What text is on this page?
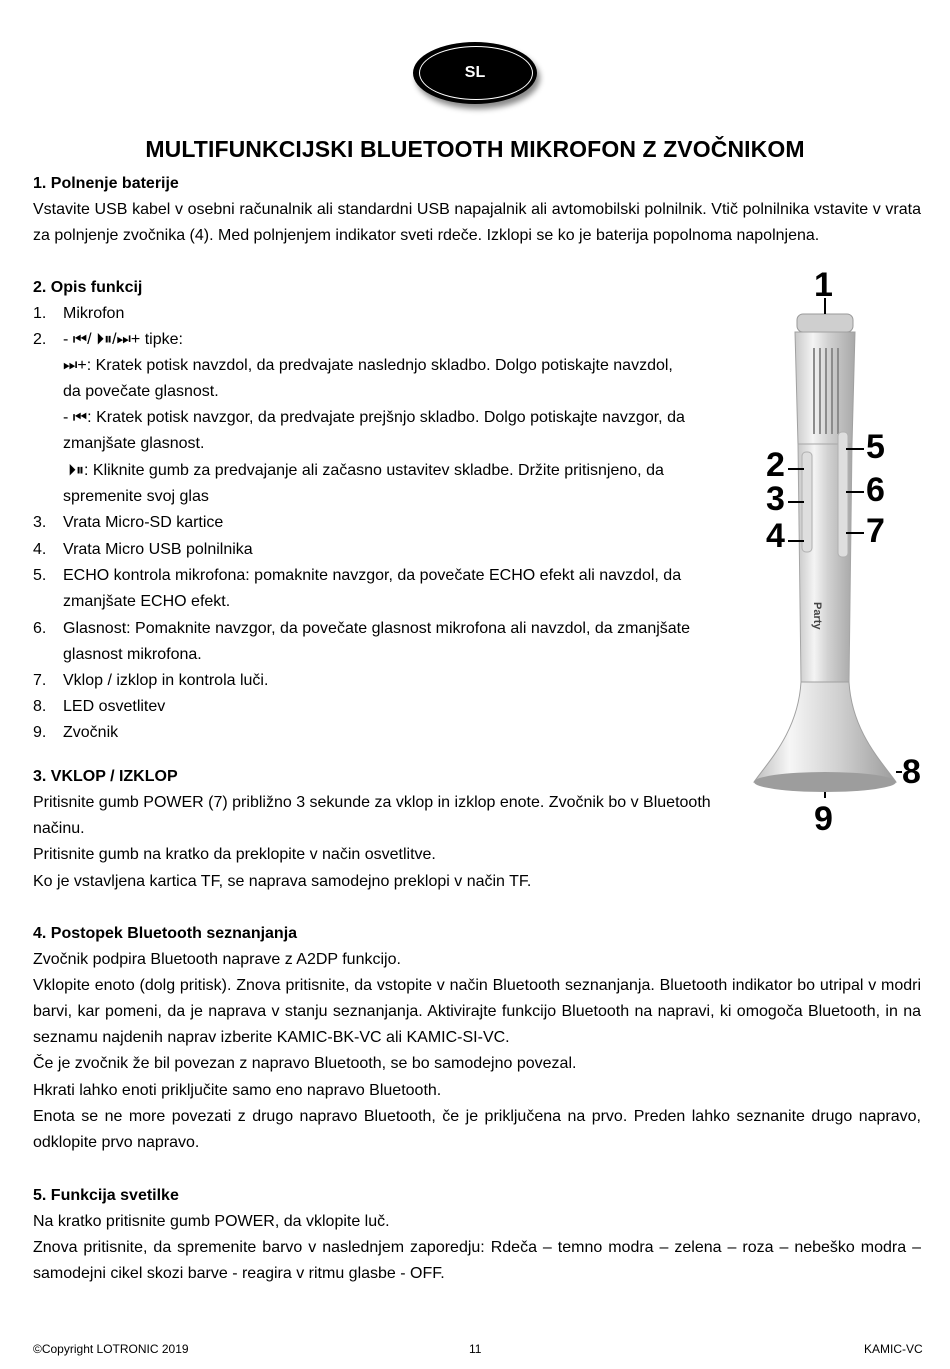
SL
MULTIFUNKCIJSKI BLUETOOTH MIKROFON Z ZVOČNIKOM
1. Polnenje baterije
Vstavite USB kabel v osebni računalnik ali standardni USB napajalnik ali avtomobilski polnilnik. Vtič polnilnika vstavite v vrata za polnjenje zvočnika (4). Med polnjenjem indikator sveti rdeče. Izklopi se ko je baterija popolnoma napolnjena.
2. Opis funkcij
1. Mikrofon
2. - ⏮/ ⏵⏸/⏭+ tipke:
⏭+: Kratek potisk navzdol, da predvajate naslednjo skladbo. Dolgo potiskajte navzdol,
da povečate glasnost.
- ⏮: Kratek potisk navzgor, da predvajate prejšnjo skladbo. Dolgo potiskajte navzgor, da
zmanjšate glasnost.
⏵⏸: Kliknite gumb za predvajanje ali začasno ustavitev skladbe. Držite pritisnjeno, da
spremenite svoj glas
3. Vrata Micro-SD kartice
4. Vrata Micro USB polnilnika
5. ECHO kontrola mikrofona: pomaknite navzgor, da povečate ECHO efekt ali navzdol, da
zmanjšate ECHO efekt.
6. Glasnost: Pomaknite navzgor, da povečate glasnost mikrofona ali navzdol, da zmanjšate
glasnost mikrofona.
7. Vklop / izklop in kontrola luči.
8. LED osvetlitev
9. Zvočnik
3. VKLOP / IZKLOP
Pritisnite gumb POWER (7) približno 3 sekunde za vklop in izklop enote. Zvočnik bo v Bluetooth
načinu.
Pritisnite gumb na kratko da preklopite v način osvetlitve.
Ko je vstavljena kartica TF, se naprava samodejno preklopi v način TF.
4. Postopek Bluetooth seznanjanja
Zvočnik podpira Bluetooth naprave z A2DP funkcijo.
Vklopite enoto (dolg pritisk). Znova pritisnite, da vstopite v način Bluetooth seznanjanja. Bluetooth indikator bo utripal v modri barvi, kar pomeni, da je naprava v stanju seznanjanja. Aktivirajte funkcijo Bluetooth na napravi, ki omogoča Bluetooth, in na seznamu najdenih naprav izberite KAMIC-BK-VC ali KAMIC-SI-VC.
Če je zvočnik že bil povezan z napravo Bluetooth, se bo samodejno povezal.
Hkrati lahko enoti priključite samo eno napravo Bluetooth.
Enota se ne more povezati z drugo napravo Bluetooth, če je priključena na prvo. Preden lahko seznanite drugo napravo, odklopite prvo napravo.
5. Funkcija svetilke
Na kratko pritisnite gumb POWER, da vklopite luč.
Znova pritisnite, da spremenite barvo v naslednjem zaporedju: Rdeča – temno modra – zelena – roza – nebeško modra – samodejni cikel skozi barve - reagira v ritmu glasbe - OFF.
Party
1
2
3
4
5
6
7
8
9
©Copyright LOTRONIC 2019	11	KAMIC-VC
